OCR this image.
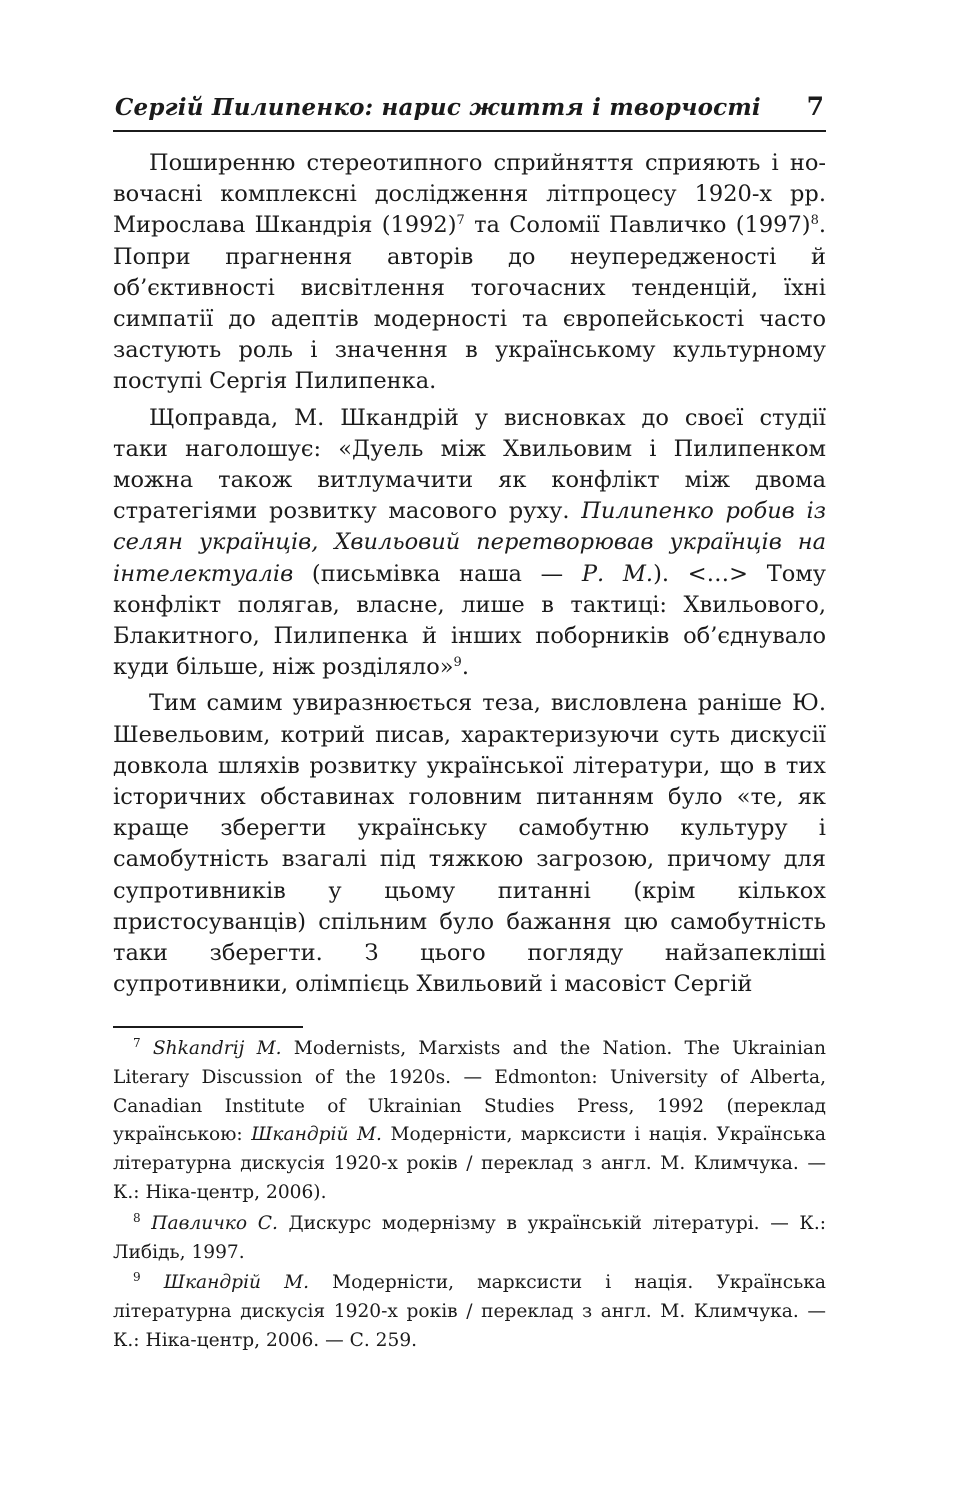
Сергій Пилипенко: нарис життя і творчості 7

Поширенню стереотипного сприйняття сприяють і новочасні комплексні дослідження літпроцесу 1920-х рр. Мирослава Шкандрія $(1992)^7$ та Соломії Павличко $(1997)^8$. Попри прагнення авторів до неупередженості й об’єктивності висвітлення тогочасних тенденцій, їхні симпатії до адептів модерності та європейськості часто застують роль і значення в українському культурному поступі Сергія Пилипенка.

Щоправда, М. Шкандрій у висновках до своєї студії таки наголошує: «Дуель між Хвильовим і Пилипенком можна також витлумачити як конфлікт між двома стратегіями розвитку масового руху. Пилипенко робив із селян українців, Хвильовий перетворював українців на інтелектуалів (письмівка наша — Р. М.). <…> Тому конфлікт полягав, власне, лише в тактиці: Хвильового, Блакитного, Пилипенка й інших поборників об’єднувало куди більше, ніж розділяло»$^9$.

Тим самим увиразнюється теза, висловлена раніше Ю. Шевельовим, котрий писав, характеризуючи суть дискусії довкола шляхів розвитку української літератури, що в тих історичних обставинах головним питанням було «те, як краще зберегти українську самобутню культуру і самобутність взагалі під тяжкою загрозою, причому для супротивників у цьому питанні (крім кількох пристосуванців) спільним було бажання цю самобутність таки зберегти. З цього погляду найзапекліші супротивники, олімпієць Хвильовий і масовіст Сергій

$^7$ Shkandrij M. Modernists, Marxists and the Nation. The Ukrainian Literary Discussion of the 1920s. — Edmonton: University of Alberta, Canadian Institute of Ukrainian Studies Press, 1992 (переклад українською: Шкандрій М. Модерністи, марксисти і нація. Українська літературна дискусія 1920-х років / переклад з англ. М. Климчука. — К.: Ніка-центр, 2006).

$^8$ Павличко С. Дискурс модернізму в українській літературі. — К.: Либідь, 1997.

$^9$ Шкандрій М. Модерністи, марксисти і нація. Українська літературна дискусія 1920-х років / переклад з англ. М. Климчука. — К.: Ніка-центр, 2006. — С. 259.
